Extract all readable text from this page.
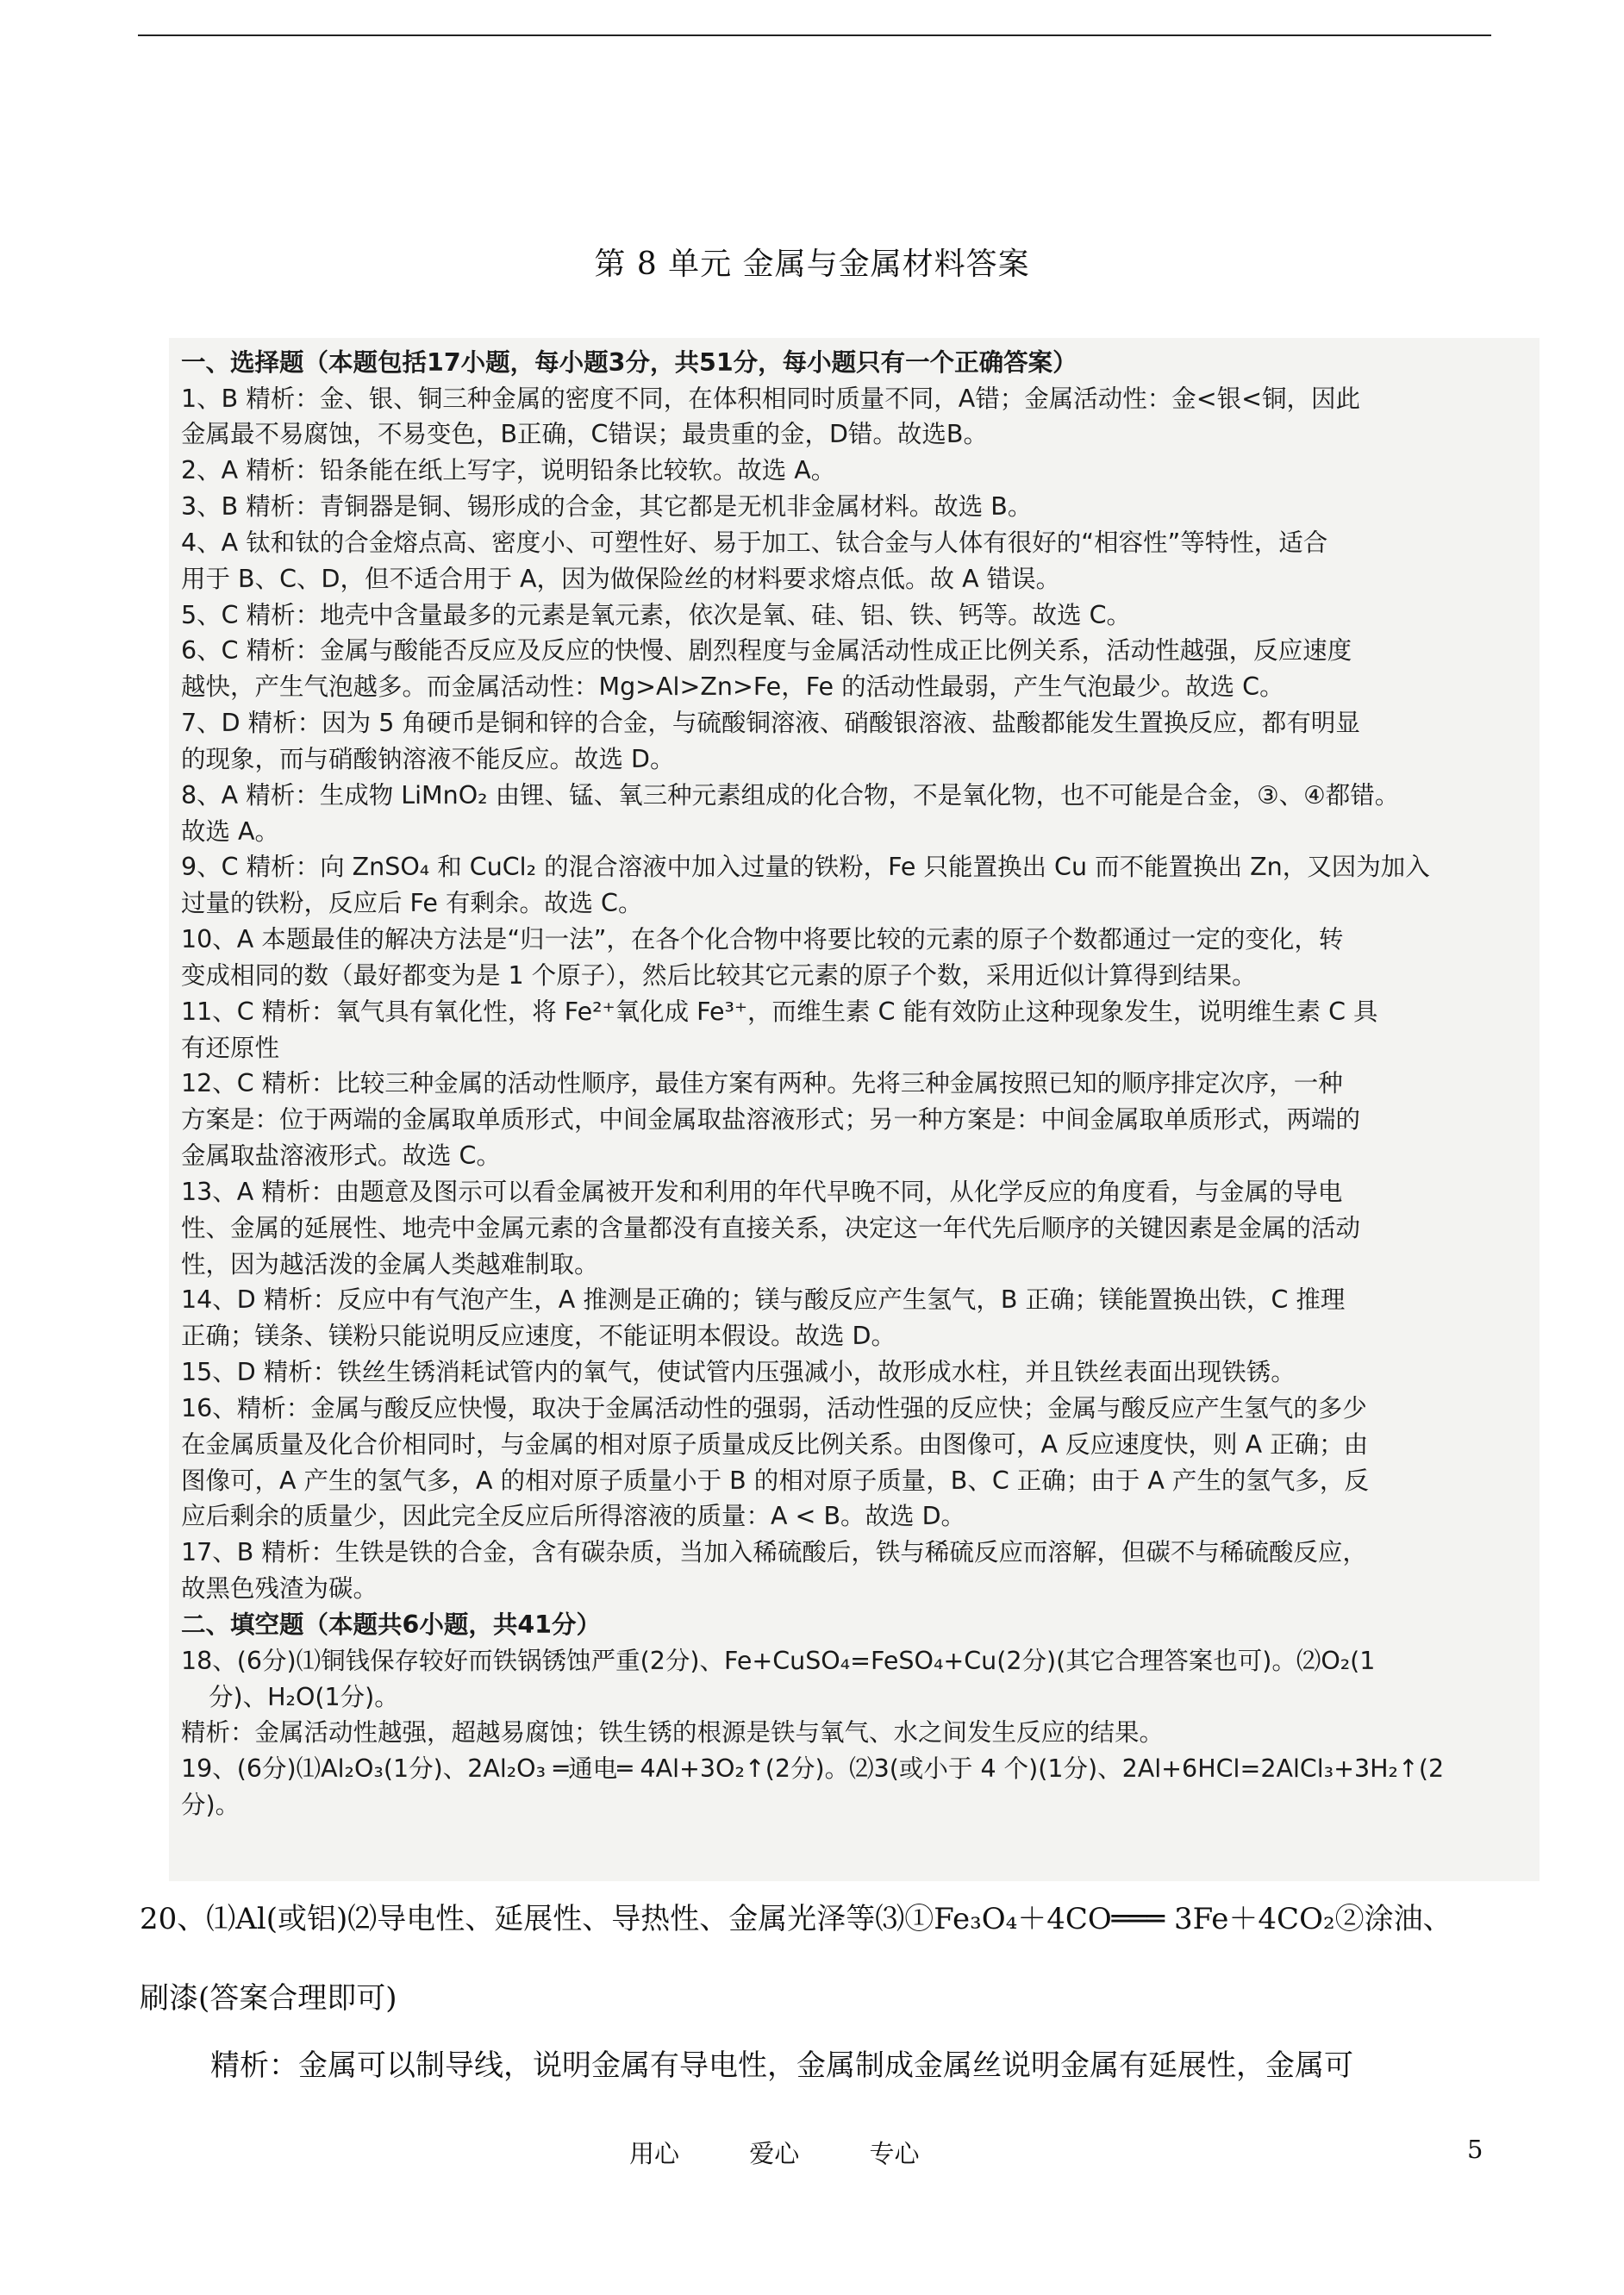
第 8 单元 金属与金属材料答案
一、选择题（本题包括17小题，每小题3分，共51分，每小题只有一个正确答案）
1、B 精析：金、银、铜三种金属的密度不同，在体积相同时质量不同，A错；金属活动性：金<银<铜，因此
金属最不易腐蚀，不易变色，B正确，C错误；最贵重的金，D错。故选B。
2、A 精析：铅条能在纸上写字，说明铅条比较软。故选 A。
3、B 精析：青铜器是铜、锡形成的合金，其它都是无机非金属材料。故选 B。
4、A 钛和钛的合金熔点高、密度小、可塑性好、易于加工、钛合金与人体有很好的“相容性”等特性，适合
用于 B、C、D，但不适合用于 A，因为做保险丝的材料要求熔点低。故 A 错误。
5、C 精析：地壳中含量最多的元素是氧元素，依次是氧、硅、铝、铁、钙等。故选 C。
6、C 精析：金属与酸能否反应及反应的快慢、剧烈程度与金属活动性成正比例关系，活动性越强，反应速度
越快，产生气泡越多。而金属活动性：Mg>Al>Zn>Fe，Fe 的活动性最弱，产生气泡最少。故选 C。
7、D 精析：因为 5 角硬币是铜和锌的合金，与硫酸铜溶液、硝酸银溶液、盐酸都能发生置换反应，都有明显
的现象，而与硝酸钠溶液不能反应。故选 D。
8、A 精析：生成物 LiMnO₂ 由锂、锰、氧三种元素组成的化合物，不是氧化物，也不可能是合金，③、④都错。
故选 A。
9、C 精析：向 ZnSO₄ 和 CuCl₂ 的混合溶液中加入过量的铁粉，Fe 只能置换出 Cu 而不能置换出 Zn，又因为加入
过量的铁粉，反应后 Fe 有剩余。故选 C。
10、A 本题最佳的解决方法是“归一法”，在各个化合物中将要比较的元素的原子个数都通过一定的变化，转
变成相同的数（最好都变为是 1 个原子），然后比较其它元素的原子个数，采用近似计算得到结果。
11、C 精析：氧气具有氧化性，将 Fe²⁺氧化成 Fe³⁺，而维生素 C 能有效防止这种现象发生，说明维生素 C 具
有还原性
12、C 精析：比较三种金属的活动性顺序，最佳方案有两种。先将三种金属按照已知的顺序排定次序，一种
方案是：位于两端的金属取单质形式，中间金属取盐溶液形式；另一种方案是：中间金属取单质形式，两端的
金属取盐溶液形式。故选 C。
13、A 精析：由题意及图示可以看金属被开发和利用的年代早晚不同，从化学反应的角度看，与金属的导电
性、金属的延展性、地壳中金属元素的含量都没有直接关系，决定这一年代先后顺序的关键因素是金属的活动
性，因为越活泼的金属人类越难制取。
14、D 精析：反应中有气泡产生，A 推测是正确的；镁与酸反应产生氢气，B 正确；镁能置换出铁，C 推理
正确；镁条、镁粉只能说明反应速度，不能证明本假设。故选 D。
15、D 精析：铁丝生锈消耗试管内的氧气，使试管内压强减小，故形成水柱，并且铁丝表面出现铁锈。
16、精析：金属与酸反应快慢，取决于金属活动性的强弱，活动性强的反应快；金属与酸反应产生氢气的多少
在金属质量及化合价相同时，与金属的相对原子质量成反比例关系。由图像可，A 反应速度快，则 A 正确；由
图像可，A 产生的氢气多，A 的相对原子质量小于 B 的相对原子质量，B、C 正确；由于 A 产生的氢气多，反
应后剩余的质量少，因此完全反应后所得溶液的质量：A < B。故选 D。
17、B 精析：生铁是铁的合金，含有碳杂质，当加入稀硫酸后，铁与稀硫反应而溶解，但碳不与稀硫酸反应，
故黑色残渣为碳。
二、填空题（本题共6小题，共41分）
18、(6分)⑴铜钱保存较好而铁锅锈蚀严重(2分)、Fe+CuSO₄=FeSO₄+Cu(2分)(其它合理答案也可)。⑵O₂(1
分)、H₂O(1分)。
精析：金属活动性越强，超越易腐蚀；铁生锈的根源是铁与氧气、水之间发生反应的结果。
19、(6分)⑴Al₂O₃(1分)、2Al₂O₃ ═通电═ 4Al+3O₂↑(2分)。⑵3(或小于 4 个)(1分)、2Al+6HCl=2AlCl₃+3H₂↑(2
分)。
20、⑴Al(或铝)⑵导电性、延展性、导热性、金属光泽等⑶①Fe₃O₄＋4CO═══ 3Fe＋4CO₂②涂油、
刷漆(答案合理即可)
精析：金属可以制导线，说明金属有导电性，金属制成金属丝说明金属有延展性，金属可
用心	爱心	专心	5
